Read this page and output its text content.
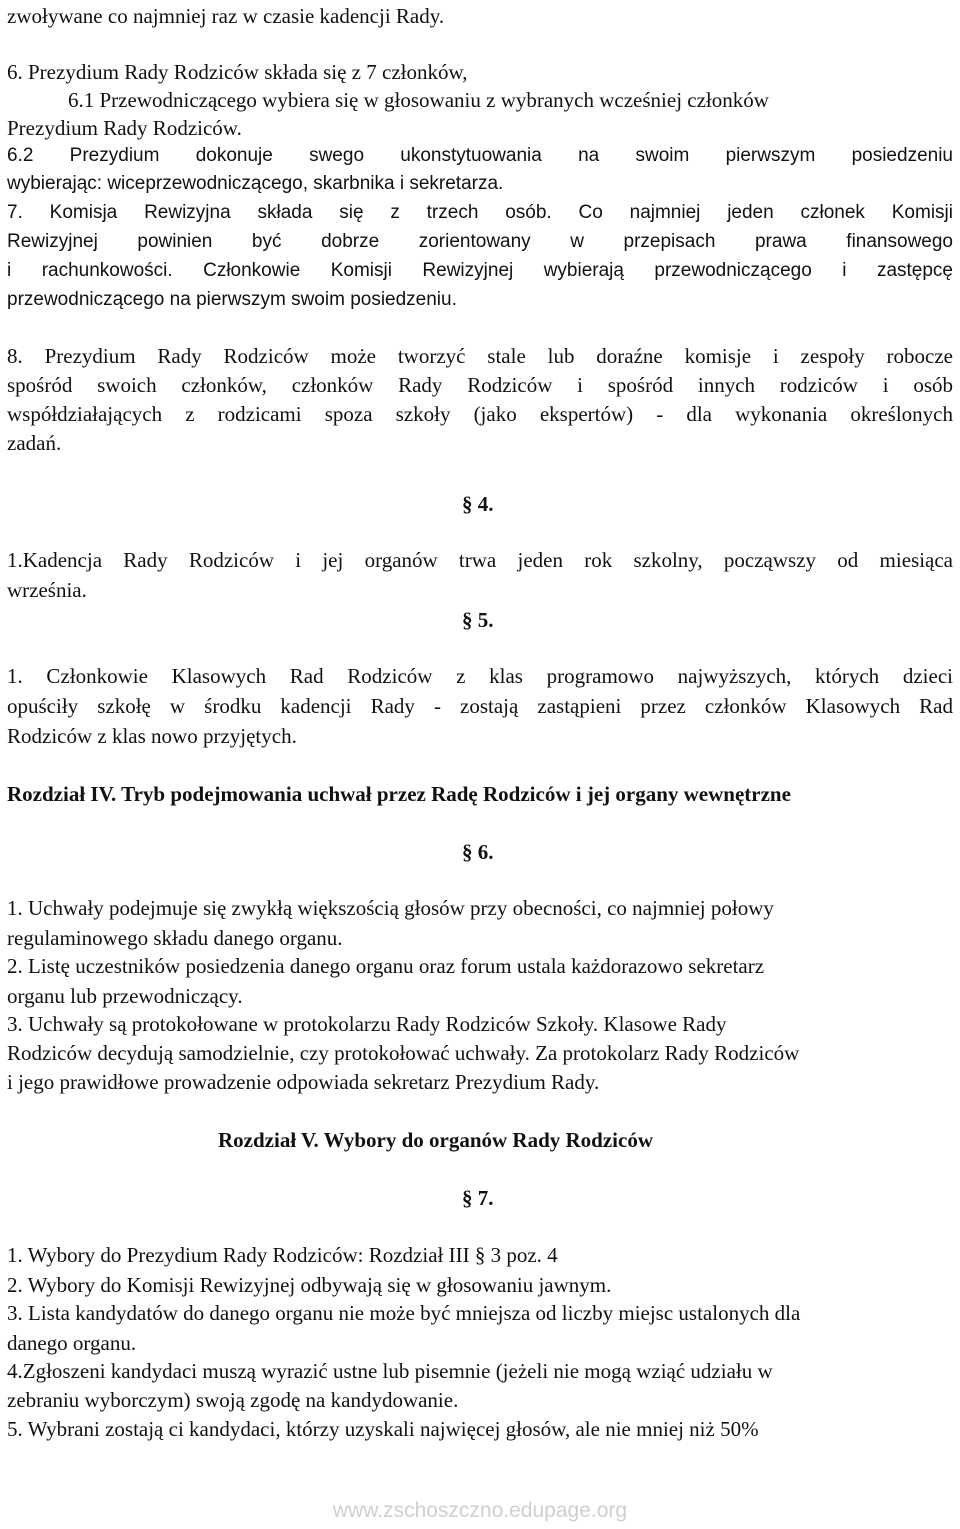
zwoływane co najmniej raz w czasie kadencji Rady.
6. Prezydium Rady Rodziców składa się z 7 członków,
6.1 Przewodniczącego wybiera się w głosowaniu z wybranych wcześniej członków
Prezydium Rady Rodziców.
6.2 Prezydium dokonuje swego ukonstytuowania na swoim pierwszym posiedzeniu
wybierając: wiceprzewodniczącego, skarbnika i sekretarza.
7. Komisja Rewizyjna składa się z trzech osób. Co najmniej jeden członek Komisji
Rewizyjnej powinien być dobrze zorientowany w przepisach prawa finansowego
i rachunkowości. Członkowie Komisji Rewizyjnej wybierają przewodniczącego i zastępcę
przewodniczącego na pierwszym swoim posiedzeniu.
8. Prezydium Rady Rodziców może tworzyć stale lub doraźne komisje i zespoły robocze
spośród swoich członków, członków Rady Rodziców i spośród innych rodziców i osób
współdziałających z rodzicami spoza szkoły (jako ekspertów) - dla wykonania określonych
zadań.
§ 4.
1.Kadencja Rady Rodziców i jej organów trwa jeden rok szkolny, począwszy od miesiąca
września.
§ 5.
1. Członkowie Klasowych Rad Rodziców z klas programowo najwyższych, których dzieci
opuściły szkołę w środku kadencji Rady - zostają zastąpieni przez członków Klasowych Rad
Rodziców z klas nowo przyjętych.
Rozdział IV. Tryb podejmowania uchwał przez Radę Rodziców i jej organy wewnętrzne
§ 6.
1. Uchwały podejmuje się zwykłą większością głosów przy obecności, co najmniej połowy
regulaminowego składu danego organu.
2. Listę uczestników posiedzenia danego organu oraz forum ustala każdorazowo sekretarz
organu lub przewodniczący.
3. Uchwały są protokołowane w protokolarzu Rady Rodziców Szkoły. Klasowe Rady
Rodziców decydują samodzielnie, czy protokołować uchwały. Za protokolarz Rady Rodziców
i jego prawidłowe prowadzenie odpowiada sekretarz Prezydium Rady.
Rozdział V. Wybory do organów Rady Rodziców
§ 7.
1. Wybory do Prezydium Rady Rodziców: Rozdział III § 3 poz. 4
2. Wybory do Komisji Rewizyjnej odbywają się w głosowaniu jawnym.
3. Lista kandydatów do danego organu nie może być mniejsza od liczby miejsc ustalonych dla
danego organu.
4.Zgłoszeni kandydaci muszą wyrazić ustne lub pisemnie (jeżeli nie mogą wziąć udziału w
zebraniu wyborczym) swoją zgodę na kandydowanie.
5. Wybrani zostają ci kandydaci, którzy uzyskali najwięcej głosów, ale nie mniej niż 50%
www.zschoszczno.edupage.org
